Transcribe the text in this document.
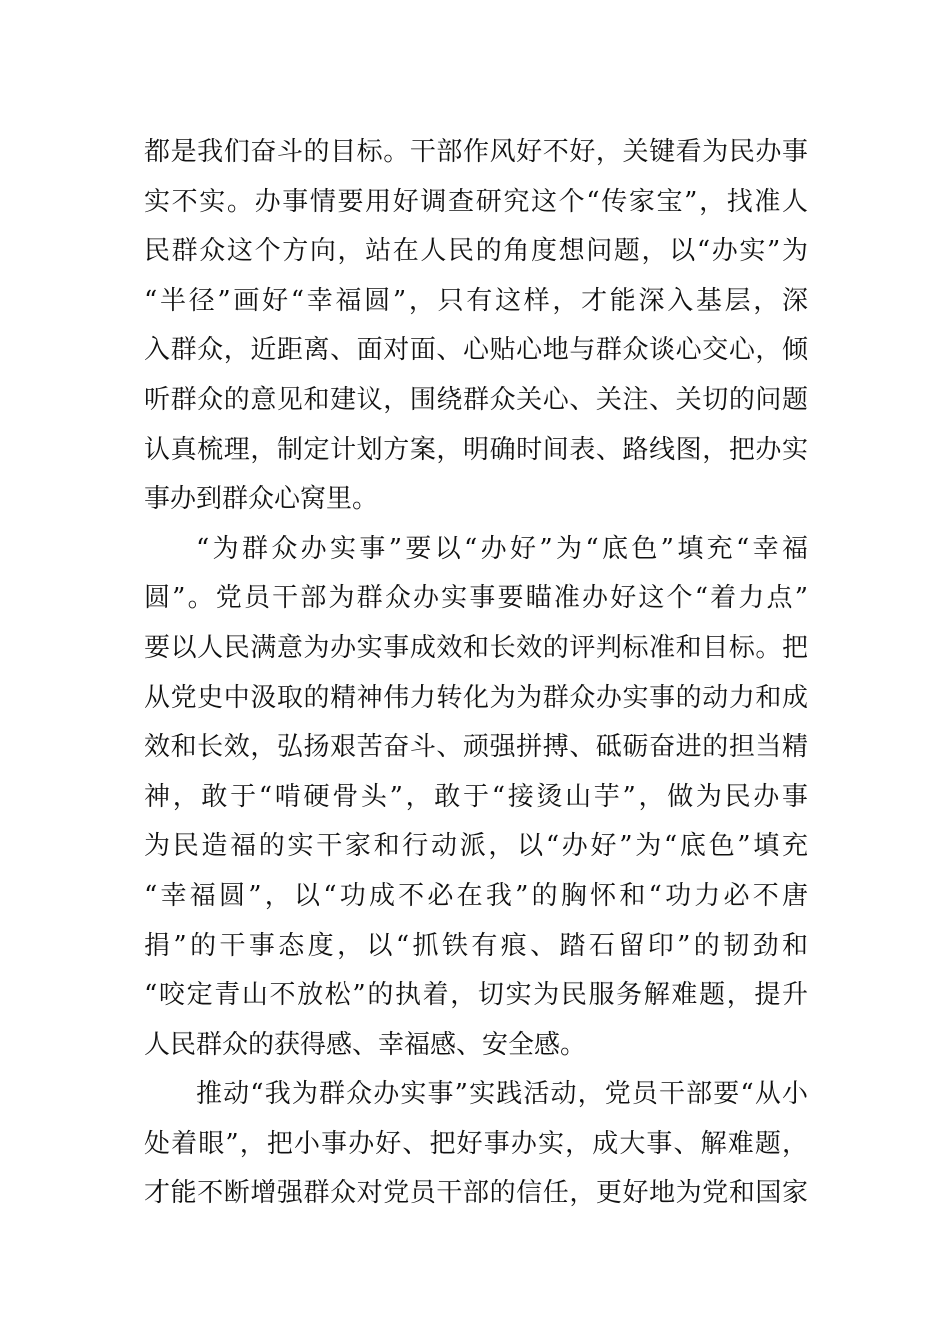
都是我们奋斗的目标。干部作风好不好，关键看为民办事
实不实。办事情要用好调查研究这个“传家宝”，找准人
民群众这个方向，站在人民的角度想问题，以“办实”为
“半径”画好“幸福圆”，只有这样，才能深入基层，深
入群众，近距离、面对面、心贴心地与群众谈心交心，倾
听群众的意见和建议，围绕群众关心、关注、关切的问题
认真梳理，制定计划方案，明确时间表、路线图，把办实
事办到群众心窝里。
“为群众办实事”要以“办好”为“底色”填充“幸福
圆”。党员干部为群众办实事要瞄准办好这个“着力点”
要以人民满意为办实事成效和长效的评判标准和目标。把
从党史中汲取的精神伟力转化为为群众办实事的动力和成
效和长效，弘扬艰苦奋斗、顽强拼搏、砥砺奋进的担当精
神，敢于“啃硬骨头”，敢于“接烫山芋”，做为民办事
为民造福的实干家和行动派，以“办好”为“底色”填充
“幸福圆”，以“功成不必在我”的胸怀和“功力必不唐
捐”的干事态度，以“抓铁有痕、踏石留印”的韧劲和
“咬定青山不放松”的执着，切实为民服务解难题，提升
人民群众的获得感、幸福感、安全感。
推动“我为群众办实事”实践活动，党员干部要“从小
处着眼”，把小事办好、把好事办实，成大事、解难题，
才能不断增强群众对党员干部的信任，更好地为党和国家
